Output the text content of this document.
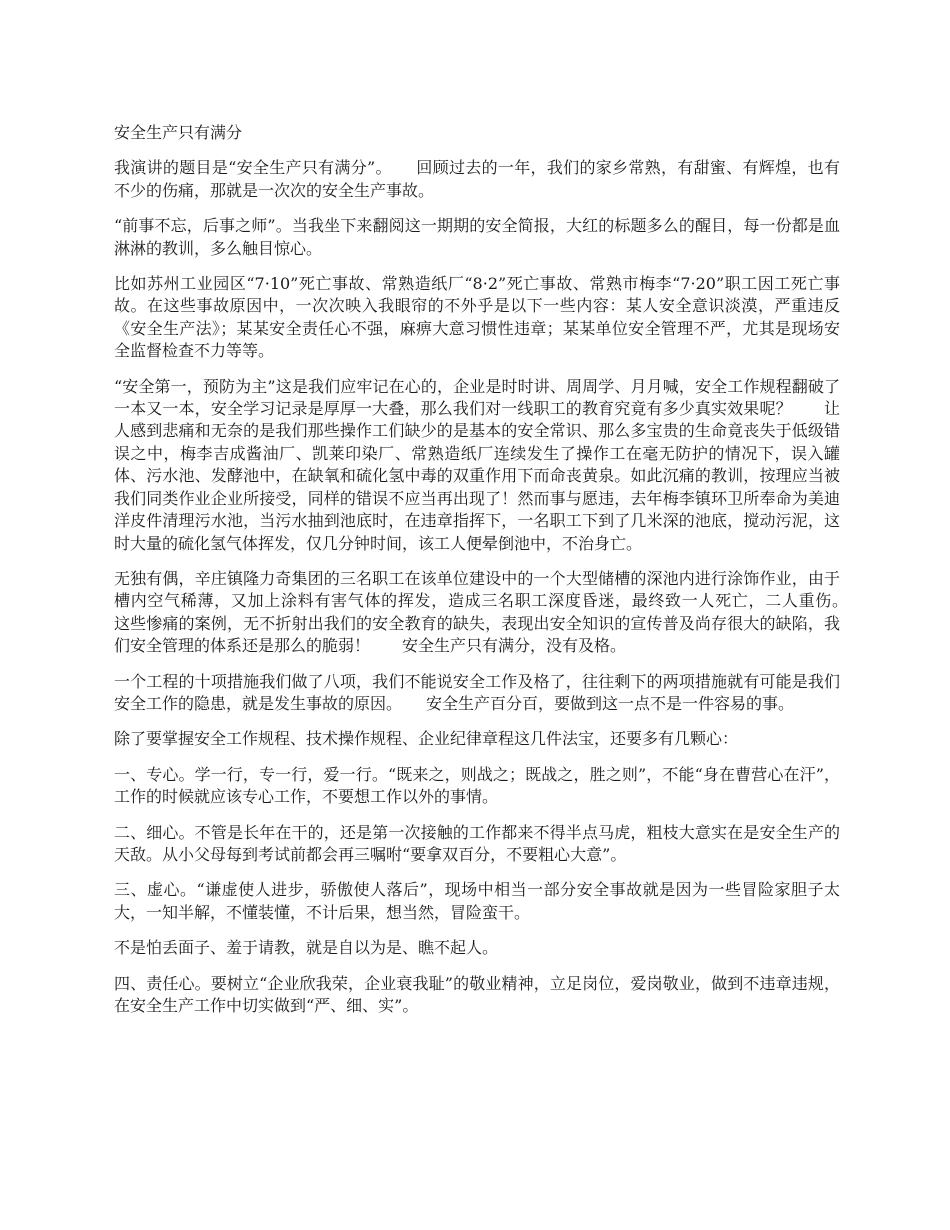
安全生产只有满分

我演讲的题目是“安全生产只有满分”。　　回顾过去的一年，我们的家乡常熟，有甜蜜、有辉煌，也有不少的伤痛，那就是一次次的安全生产事故。

“前事不忘，后事之师”。当我坐下来翻阅这一期期的安全简报，大红的标题多么的醒目，每一份都是血淋淋的教训，多么触目惊心。

比如苏州工业园区“7·10”死亡事故、常熟造纸厂“8·2”死亡事故、常熟市梅李“7·20”职工因工死亡事故。在这些事故原因中，一次次映入我眼帘的不外乎是以下一些内容：某人安全意识淡漠，严重违反《安全生产法》；某某安全责任心不强，麻痹大意习惯性违章；某某单位安全管理不严，尤其是现场安全监督检查不力等等。

“安全第一，预防为主”这是我们应牢记在心的，企业是时时讲、周周学、月月喊，安全工作规程翻破了一本又一本，安全学习记录是厚厚一大叠，那么我们对一线职工的教育究竟有多少真实效果呢？　　让人感到悲痛和无奈的是我们那些操作工们缺少的是基本的安全常识、那么多宝贵的生命竟丧失于低级错误之中，梅李吉成酱油厂、凯莱印染厂、常熟造纸厂连续发生了操作工在毫无防护的情况下，误入罐体、污水池、发酵池中，在缺氧和硫化氢中毒的双重作用下而命丧黄泉。如此沉痛的教训，按理应当被我们同类作业企业所接受，同样的错误不应当再出现了！然而事与愿违，去年梅李镇环卫所奉命为美迪洋皮件清理污水池，当污水抽到池底时，在违章指挥下，一名职工下到了几米深的池底，搅动污泥，这时大量的硫化氢气体挥发，仅几分钟时间，该工人便晕倒池中，不治身亡。

无独有偶，辛庄镇隆力奇集团的三名职工在该单位建设中的一个大型储槽的深池内进行涂饰作业，由于槽内空气稀薄，又加上涂料有害气体的挥发，造成三名职工深度昏迷，最终致一人死亡，二人重伤。　　这些惨痛的案例，无不折射出我们的安全教育的缺失，表现出安全知识的宣传普及尚存很大的缺陷，我们安全管理的体系还是那么的脆弱！　　安全生产只有满分，没有及格。

一个工程的十项措施我们做了八项，我们不能说安全工作及格了，往往剩下的两项措施就有可能是我们安全工作的隐患，就是发生事故的原因。　　安全生产百分百，要做到这一点不是一件容易的事。

除了要掌握安全工作规程、技术操作规程、企业纪律章程这几件法宝，还要多有几颗心：

一、专心。学一行，专一行，爱一行。“既来之，则战之；既战之，胜之则”，不能“身在曹营心在汗”，工作的时候就应该专心工作，不要想工作以外的事情。

二、细心。不管是长年在干的，还是第一次接触的工作都来不得半点马虎，粗枝大意实在是安全生产的天敌。从小父母每到考试前都会再三嘱咐“要拿双百分，不要粗心大意”。

三、虚心。“谦虚使人进步，骄傲使人落后”，现场中相当一部分安全事故就是因为一些冒险家胆子太大，一知半解，不懂装懂，不计后果，想当然，冒险蛮干。

不是怕丢面子、羞于请教，就是自以为是、瞧不起人。

四、责任心。要树立“企业欣我荣，企业衰我耻”的敬业精神，立足岗位，爱岗敬业，做到不违章违规，在安全生产工作中切实做到“严、细、实”。
